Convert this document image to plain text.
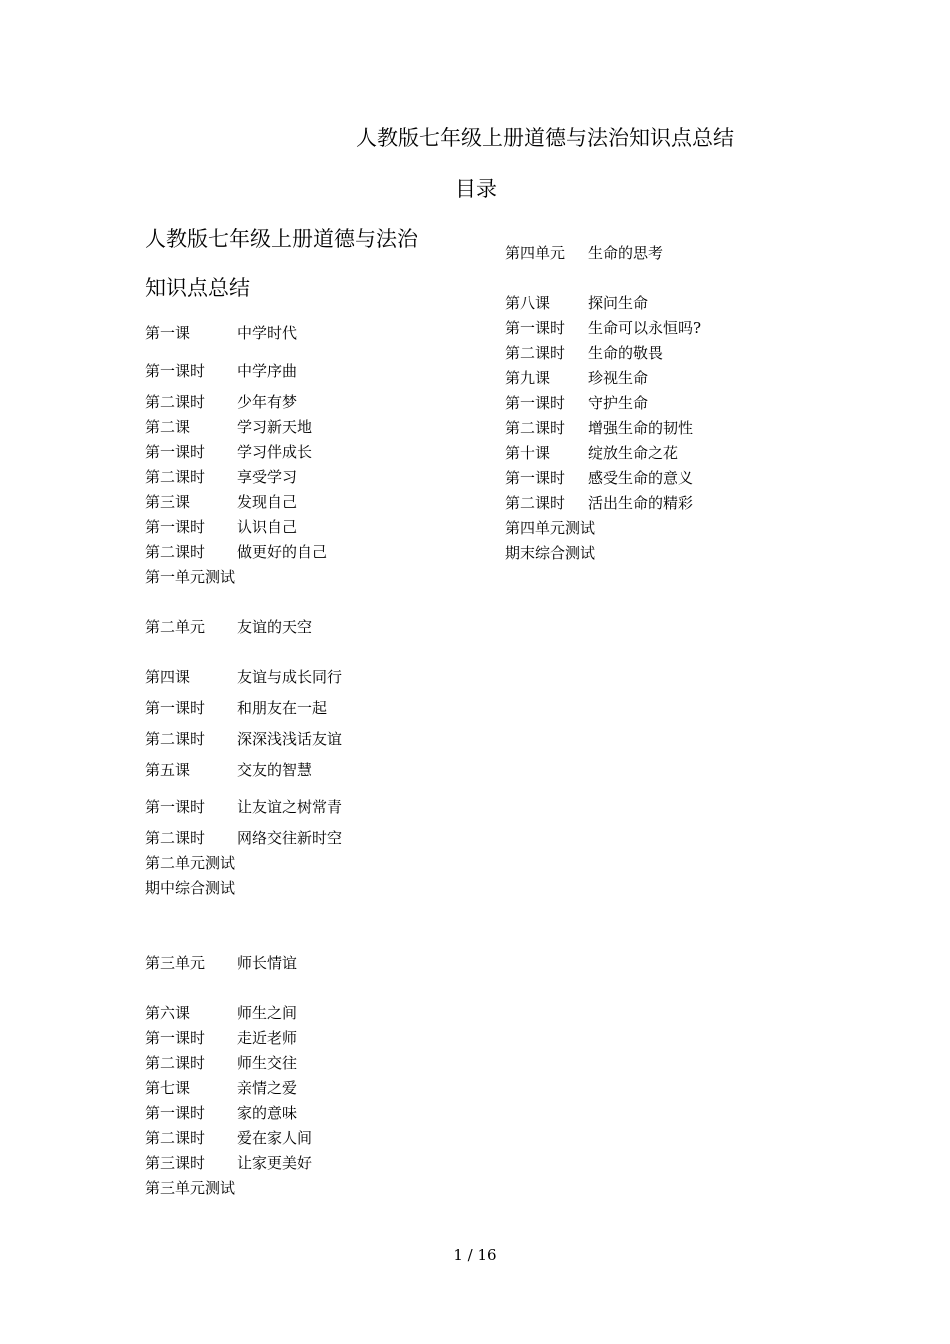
人教版七年级上册道德与法治知识点总结
目录
人教版七年级上册道德与法治
知识点总结
第一课	中学时代
第一课时 中学序曲
第二课时 少年有梦
第二课	学习新天地
第一课时 学习伴成长
第二课时 享受学习
第三课	发现自己
第一课时 认识自己
第二课时 做更好的自己
第一单元测试
第二单元 友谊的天空
第四课	友谊与成长同行
第一课时 和朋友在一起
第二课时 深深浅浅话友谊
第五课	交友的智慧
第一课时 让友谊之树常青
第二课时 网络交往新时空
第二单元测试
期中综合测试
第三单元 师长情谊
第六课	师生之间
第一课时 走近老师
第二课时 师生交往
第七课	亲情之爱
第一课时 家的意味
第二课时 爱在家人间
第三课时 让家更美好
第三单元测试
第四单元 生命的思考
第八课	探问生命
第一课时 生命可以永恒吗?
第二课时 生命的敬畏
第九课	珍视生命
第一课时 守护生命
第二课时 增强生命的韧性
第十课	绽放生命之花
第一课时 感受生命的意义
第二课时 活出生命的精彩
第四单元测试
期末综合测试
1 / 16
